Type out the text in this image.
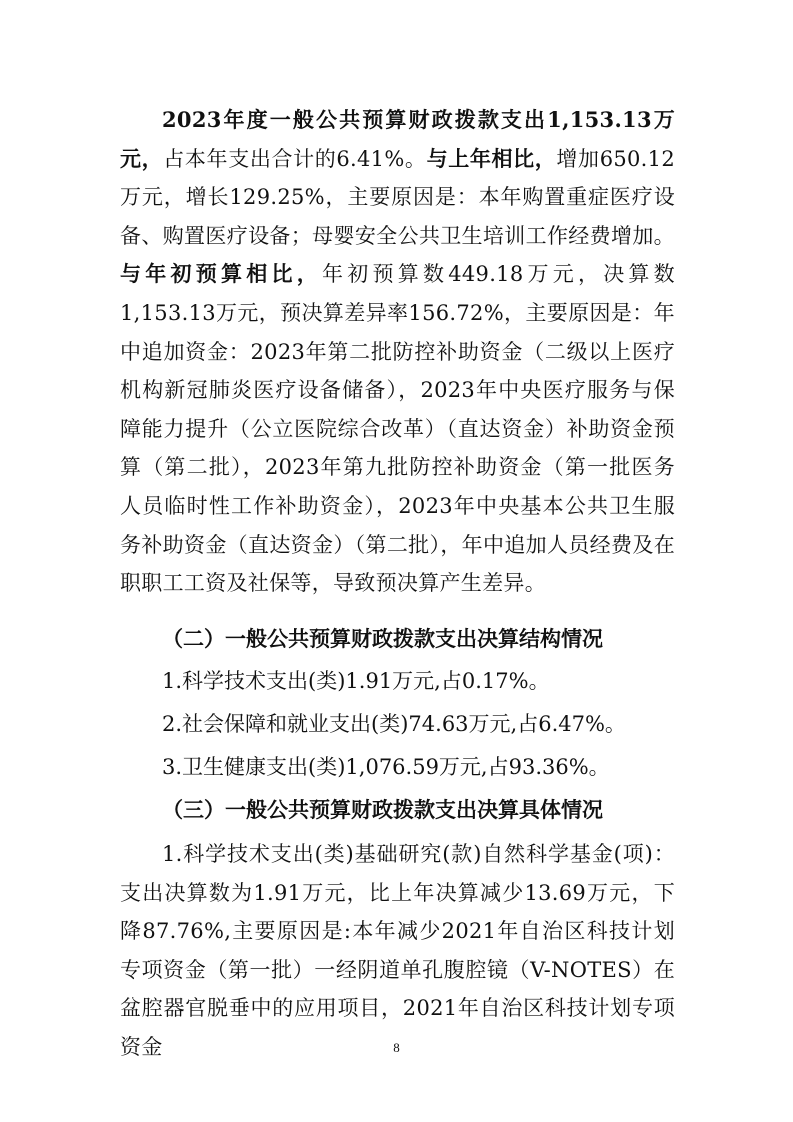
2023年度一般公共预算财政拨款支出1,153.13万元，占本年支出合计的6.41%。与上年相比，增加650.12万元，增长129.25%，主要原因是：本年购置重症医疗设备、购置医疗设备；母婴安全公共卫生培训工作经费增加。与年初预算相比，年初预算数449.18万元，决算数1,153.13万元，预决算差异率156.72%，主要原因是：年中追加资金：2023年第二批防控补助资金（二级以上医疗机构新冠肺炎医疗设备储备），2023年中央医疗服务与保障能力提升（公立医院综合改革）（直达资金）补助资金预算（第二批），2023年第九批防控补助资金（第一批医务人员临时性工作补助资金），2023年中央基本公共卫生服务补助资金（直达资金）（第二批），年中追加人员经费及在职职工工资及社保等，导致预决算产生差异。

（二）一般公共预算财政拨款支出决算结构情况
1.科学技术支出(类)1.91万元,占0.17%。
2.社会保障和就业支出(类)74.63万元,占6.47%。
3.卫生健康支出(类)1,076.59万元,占93.36%。
（三）一般公共预算财政拨款支出决算具体情况

1.科学技术支出(类)基础研究(款)自然科学基金(项)：支出决算数为1.91万元，比上年决算减少13.69万元，下降87.76%,主要原因是:本年减少2021年自治区科技计划专项资金（第一批）一经阴道单孔腹腔镜（V-NOTES）在盆腔器官脱垂中的应用项目，2021年自治区科技计划专项资金	8
